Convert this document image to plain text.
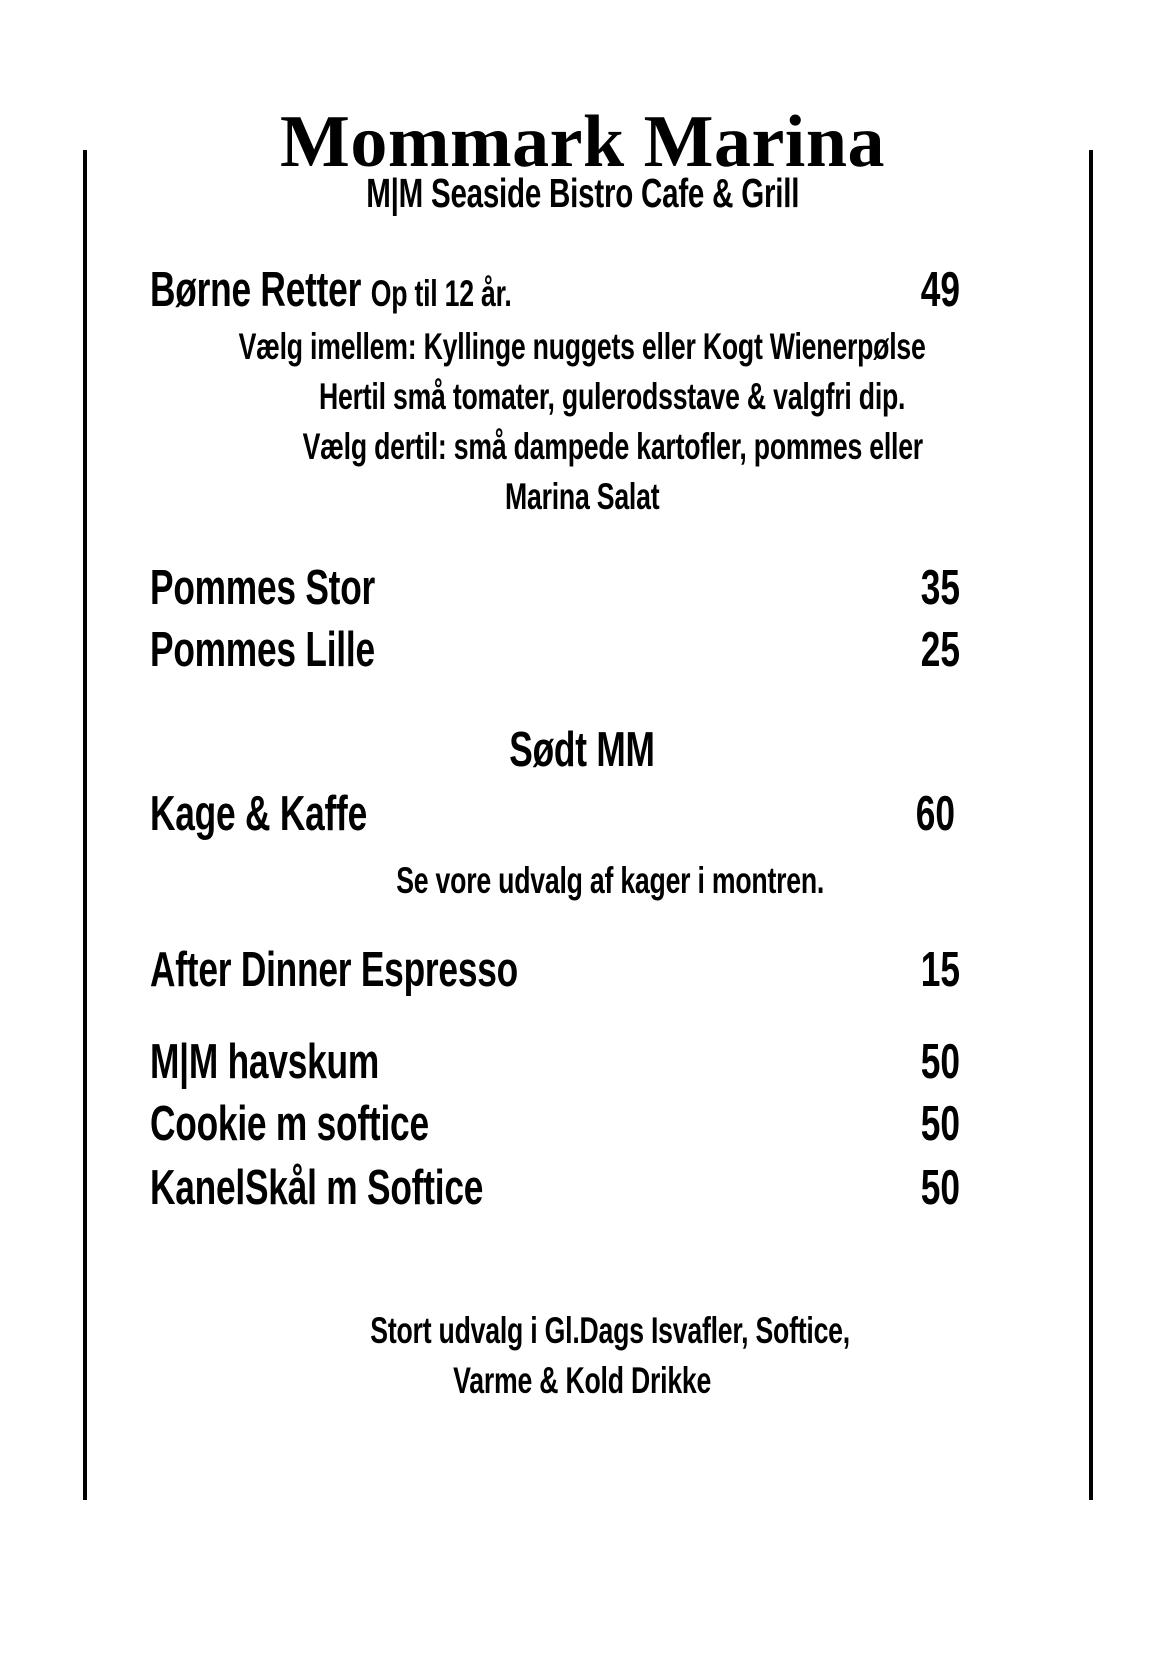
Mommark Marina
M|M Seaside Bistro Cafe & Grill
Børne Retter Op til 12 år.	49
Vælg imellem: Kyllinge nuggets eller Kogt Wienerpølse
Hertil små tomater, gulerodsstave & valgfri dip.
Vælg dertil: små dampede kartofler, pommes eller
Marina Salat
Pommes Stor	35
Pommes Lille	25
Sødt MM
Kage & Kaffe	60
Se vore udvalg af kager i montren.
After Dinner Espresso	15
M|M havskum	50
Cookie m softice	50
KanelSkål m Softice	50
Stort udvalg i Gl.Dags Isvafler, Softice,
Varme & Kold Drikke
